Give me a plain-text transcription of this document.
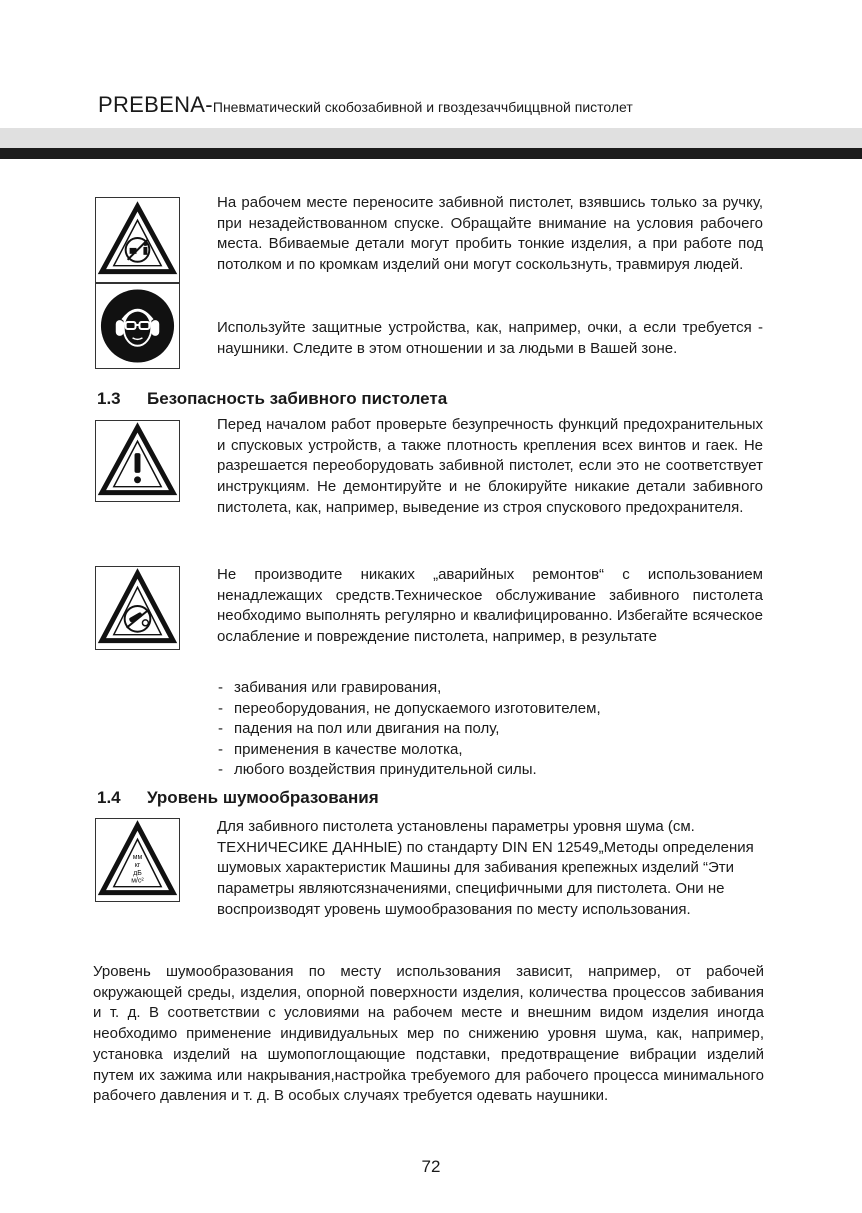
PREBENA-Пневматический скобозабивной и гвоздезаччбиццвной пистолет

На рабочем месте переносите забивной пистолет, взявшись только за ручку, при незадействованном спуске. Обращайте внимание на условия рабочего места. Вбиваемые детали могут пробить тонкие изделия, а при работе под потолком и по кромкам изделий они могут соскользнуть, травмируя людей.

Используйте защитные устройства, как, например, очки, а если требуется - наушники. Следите в этом отношении и за людьми в Вашей зоне.

1.3 Безопасность забивного пистолета

Перед началом работ проверьте безупречность функций предохранительных и спусковых устройств, а также плотность крепления всех винтов и гаек. Не разрешается переоборудовать забивной пистолет, если это не соответствует инструкциям. Не демонтируйте и не блокируйте никакие детали забивного пистолета, как, например, выведение из строя спускового предохранителя.

Не производите никаких „аварийных ремонтов“ с использованием ненадлежащих средств.Техническое обслуживание забивного пистолета необходимо выполнять регулярно и квалифицированно. Избегайте всяческое ослабление и повреждение пистолета, например, в результате

- забивания или гравирования,
- переоборудования, не допускаемого изготовителем,
- падения на пол или двигания на полу,
- применения в качестве молотка,
- любого воздействия принудительной силы.
1.4 Уровень шумообразования
мм
кг
дБ
м/с²

Для забивного пистолета установлены параметры уровня шума (см. ТЕХНИЧЕСИКЕ ДАННЫЕ) по стандарту DIN EN 12549„Методы определения шумовых характеристик Машины для забивания крепежных изделий “Эти параметры являютсязначениями, специфичными для пистолета. Они не воспроизводят уровень шумообразования по месту использования.

Уровень шумообразования по месту использования зависит, например, от рабочей окружающей среды, изделия, опорной поверхности изделия, количества процессов забивания и т. д. В соответствии с условиями на рабочем месте и внешним видом изделия иногда необходимо применение индивидуальных мер по снижению уровня шума, как, например, установка изделий на шумопоглощающие подставки, предотвращение вибрации изделий путем их зажима или накрывания,настройка требуемого для рабочего процесса минимального рабочего давления и т. д. В особых случаях требуется одевать наушники.

72
